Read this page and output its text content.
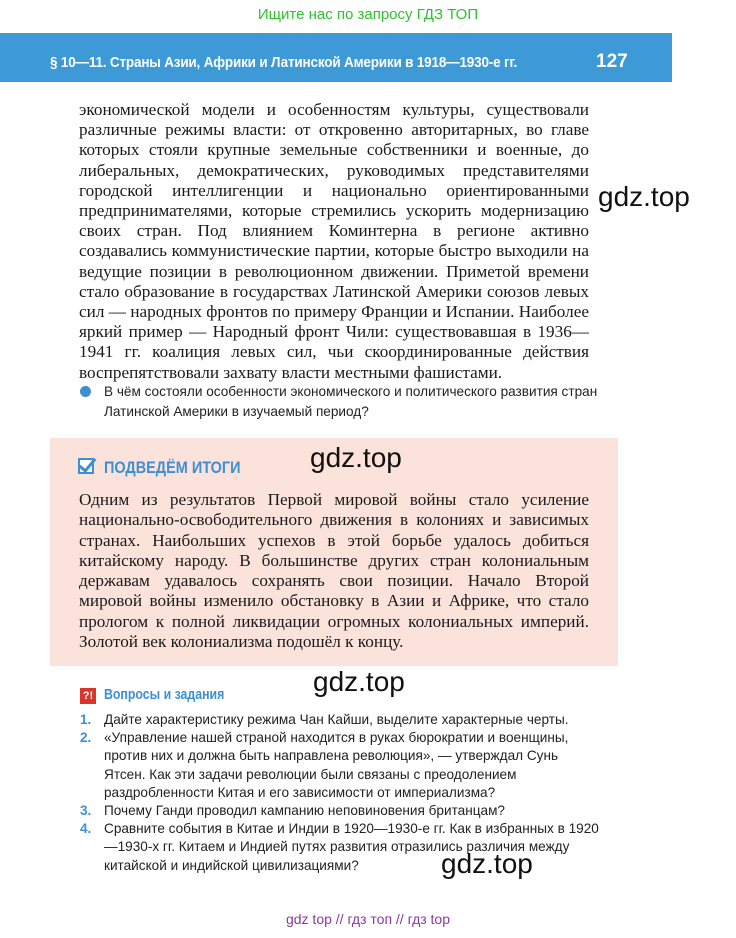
Ищите нас по запросу ГДЗ ТОП
§ 10—11. Страны Азии, Африки и Латинской Америки в 1918—1930-е гг.	127

экономической модели и особенностям культуры, существовали различные режимы власти: от откровенно авторитарных, во главе которых стояли крупные земельные собственники и военные, до либеральных, демократических, руководимых представителями городской интеллигенции и национально ориентированными предпринимателями, которые стремились ускорить модернизацию своих стран. Под влиянием Коминтерна в регионе активно создавались коммунистические партии, которые быстро выходили на ведущие позиции в революционном движении. Приметой времени стало образование в государствах Латинской Америки союзов левых сил — народных фронтов по примеру Франции и Испании. Наиболее яркий пример — Народный фронт Чили: существовавшая в 1936—1941 гг. коалиция левых сил, чьи скоординированные действия воспрепятствовали захвату власти местными фашистами.

В чём состояли особенности экономического и политического развития стран Латинской Америки в изучаемый период?
ПОДВЕДЁМ ИТОГИ
Одним из результатов Первой мировой войны стало усиление национально-освободительного движения в колониях и зависимых странах. Наибольших успехов в этой борьбе удалось добиться китайскому народу. В большинстве других стран колониальным державам удавалось сохранять свои позиции. Начало Второй мировой войны изменило обстановку в Азии и Африке, что стало прологом к полной ликвидации огромных колониальных империй. Золотой век колониализма подошёл к концу.
?! Вопросы и задания
1. Дайте характеристику режима Чан Кайши, выделите характерные черты.
2. «Управление нашей страной находится в руках бюрократии и военщины, против них и должна быть направлена революция», — утверждал Сунь Ятсен. Как эти задачи революции были связаны с преодолением раздробленности Китая и его зависимости от империализма?
3. Почему Ганди проводил кампанию неповиновения британцам?
4. Сравните события в Китае и Индии в 1920—1930-е гг. Как в избранных в 1920—1930-х гг. Китаем и Индией путях развития отразились различия между китайской и индийской цивилизациями?
gdz.top
gdz.top
gdz.top
gdz.top
gdz top // гдз топ // гдз top
